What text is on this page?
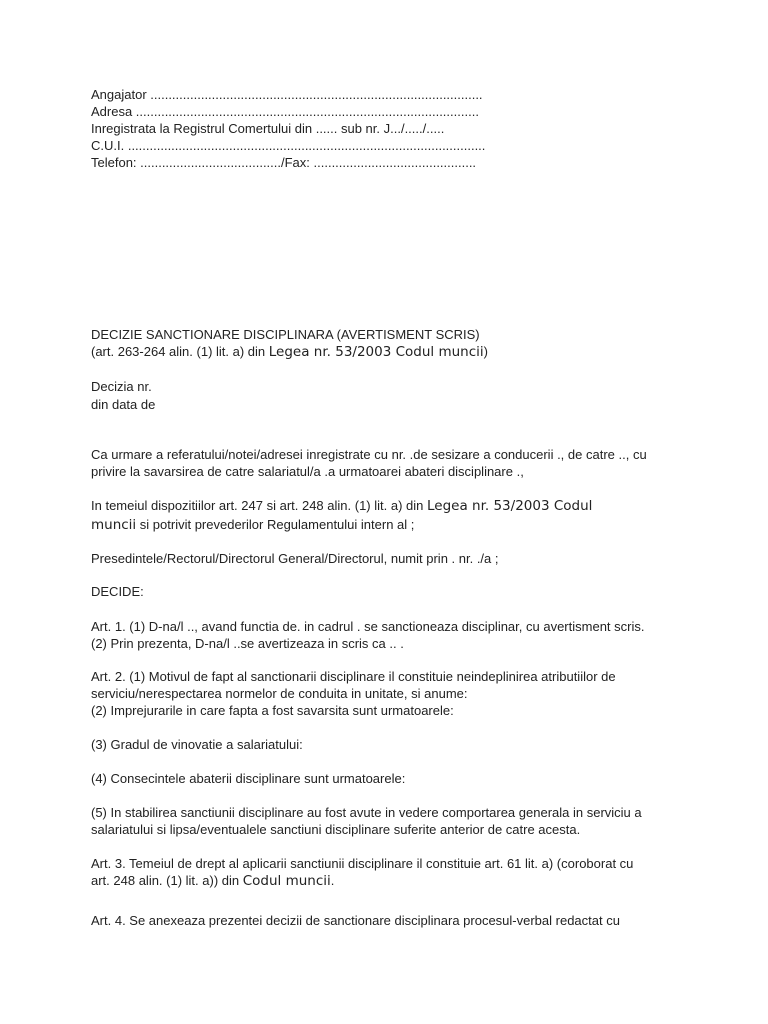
Angajator ............................................................................................
Adresa ...............................................................................................
Inregistrata la Registrul Comertului din ...... sub nr. J.../...../.....
C.U.I. ...................................................................................................
Telefon: ......................................./Fax: .............................................
DECIZIE SANCTIONARE DISCIPLINARA (AVERTISMENT SCRIS)
(art. 263-264 alin. (1) lit. a) din Legea nr. 53/2003 Codul muncii)
Decizia nr.
din data de
Ca urmare a referatului/notei/adresei inregistrate cu nr. .de sesizare a conducerii ., de catre .., cu
privire la savarsirea de catre salariatul/a .a urmatoarei abateri disciplinare .,
In temeiul dispozitiilor art. 247 si art. 248 alin. (1) lit. a) din Legea nr. 53/2003 Codul
muncii si potrivit prevederilor Regulamentului intern al ;
Presedintele/Rectorul/Directorul General/Directorul, numit prin . nr. ./a ;
DECIDE:
Art. 1. (1) D-na/l .., avand functia de. in cadrul . se sanctioneaza disciplinar, cu avertisment scris.
(2) Prin prezenta, D-na/l ..se avertizeaza in scris ca .. .
Art. 2. (1) Motivul de fapt al sanctionarii disciplinare il constituie neindeplinirea atributiilor de
serviciu/nerespectarea normelor de conduita in unitate, si anume:
(2) Imprejurarile in care fapta a fost savarsita sunt urmatoarele:
(3) Gradul de vinovatie a salariatului:
(4) Consecintele abaterii disciplinare sunt urmatoarele:
(5) In stabilirea sanctiunii disciplinare au fost avute in vedere comportarea generala in serviciu a
salariatului si lipsa/eventualele sanctiuni disciplinare suferite anterior de catre acesta.
Art. 3. Temeiul de drept al aplicarii sanctiunii disciplinare il constituie art. 61 lit. a) (coroborat cu
art. 248 alin. (1) lit. a)) din Codul muncii.
Art. 4. Se anexeaza prezentei decizii de sanctionare disciplinara procesul-verbal redactat cu
